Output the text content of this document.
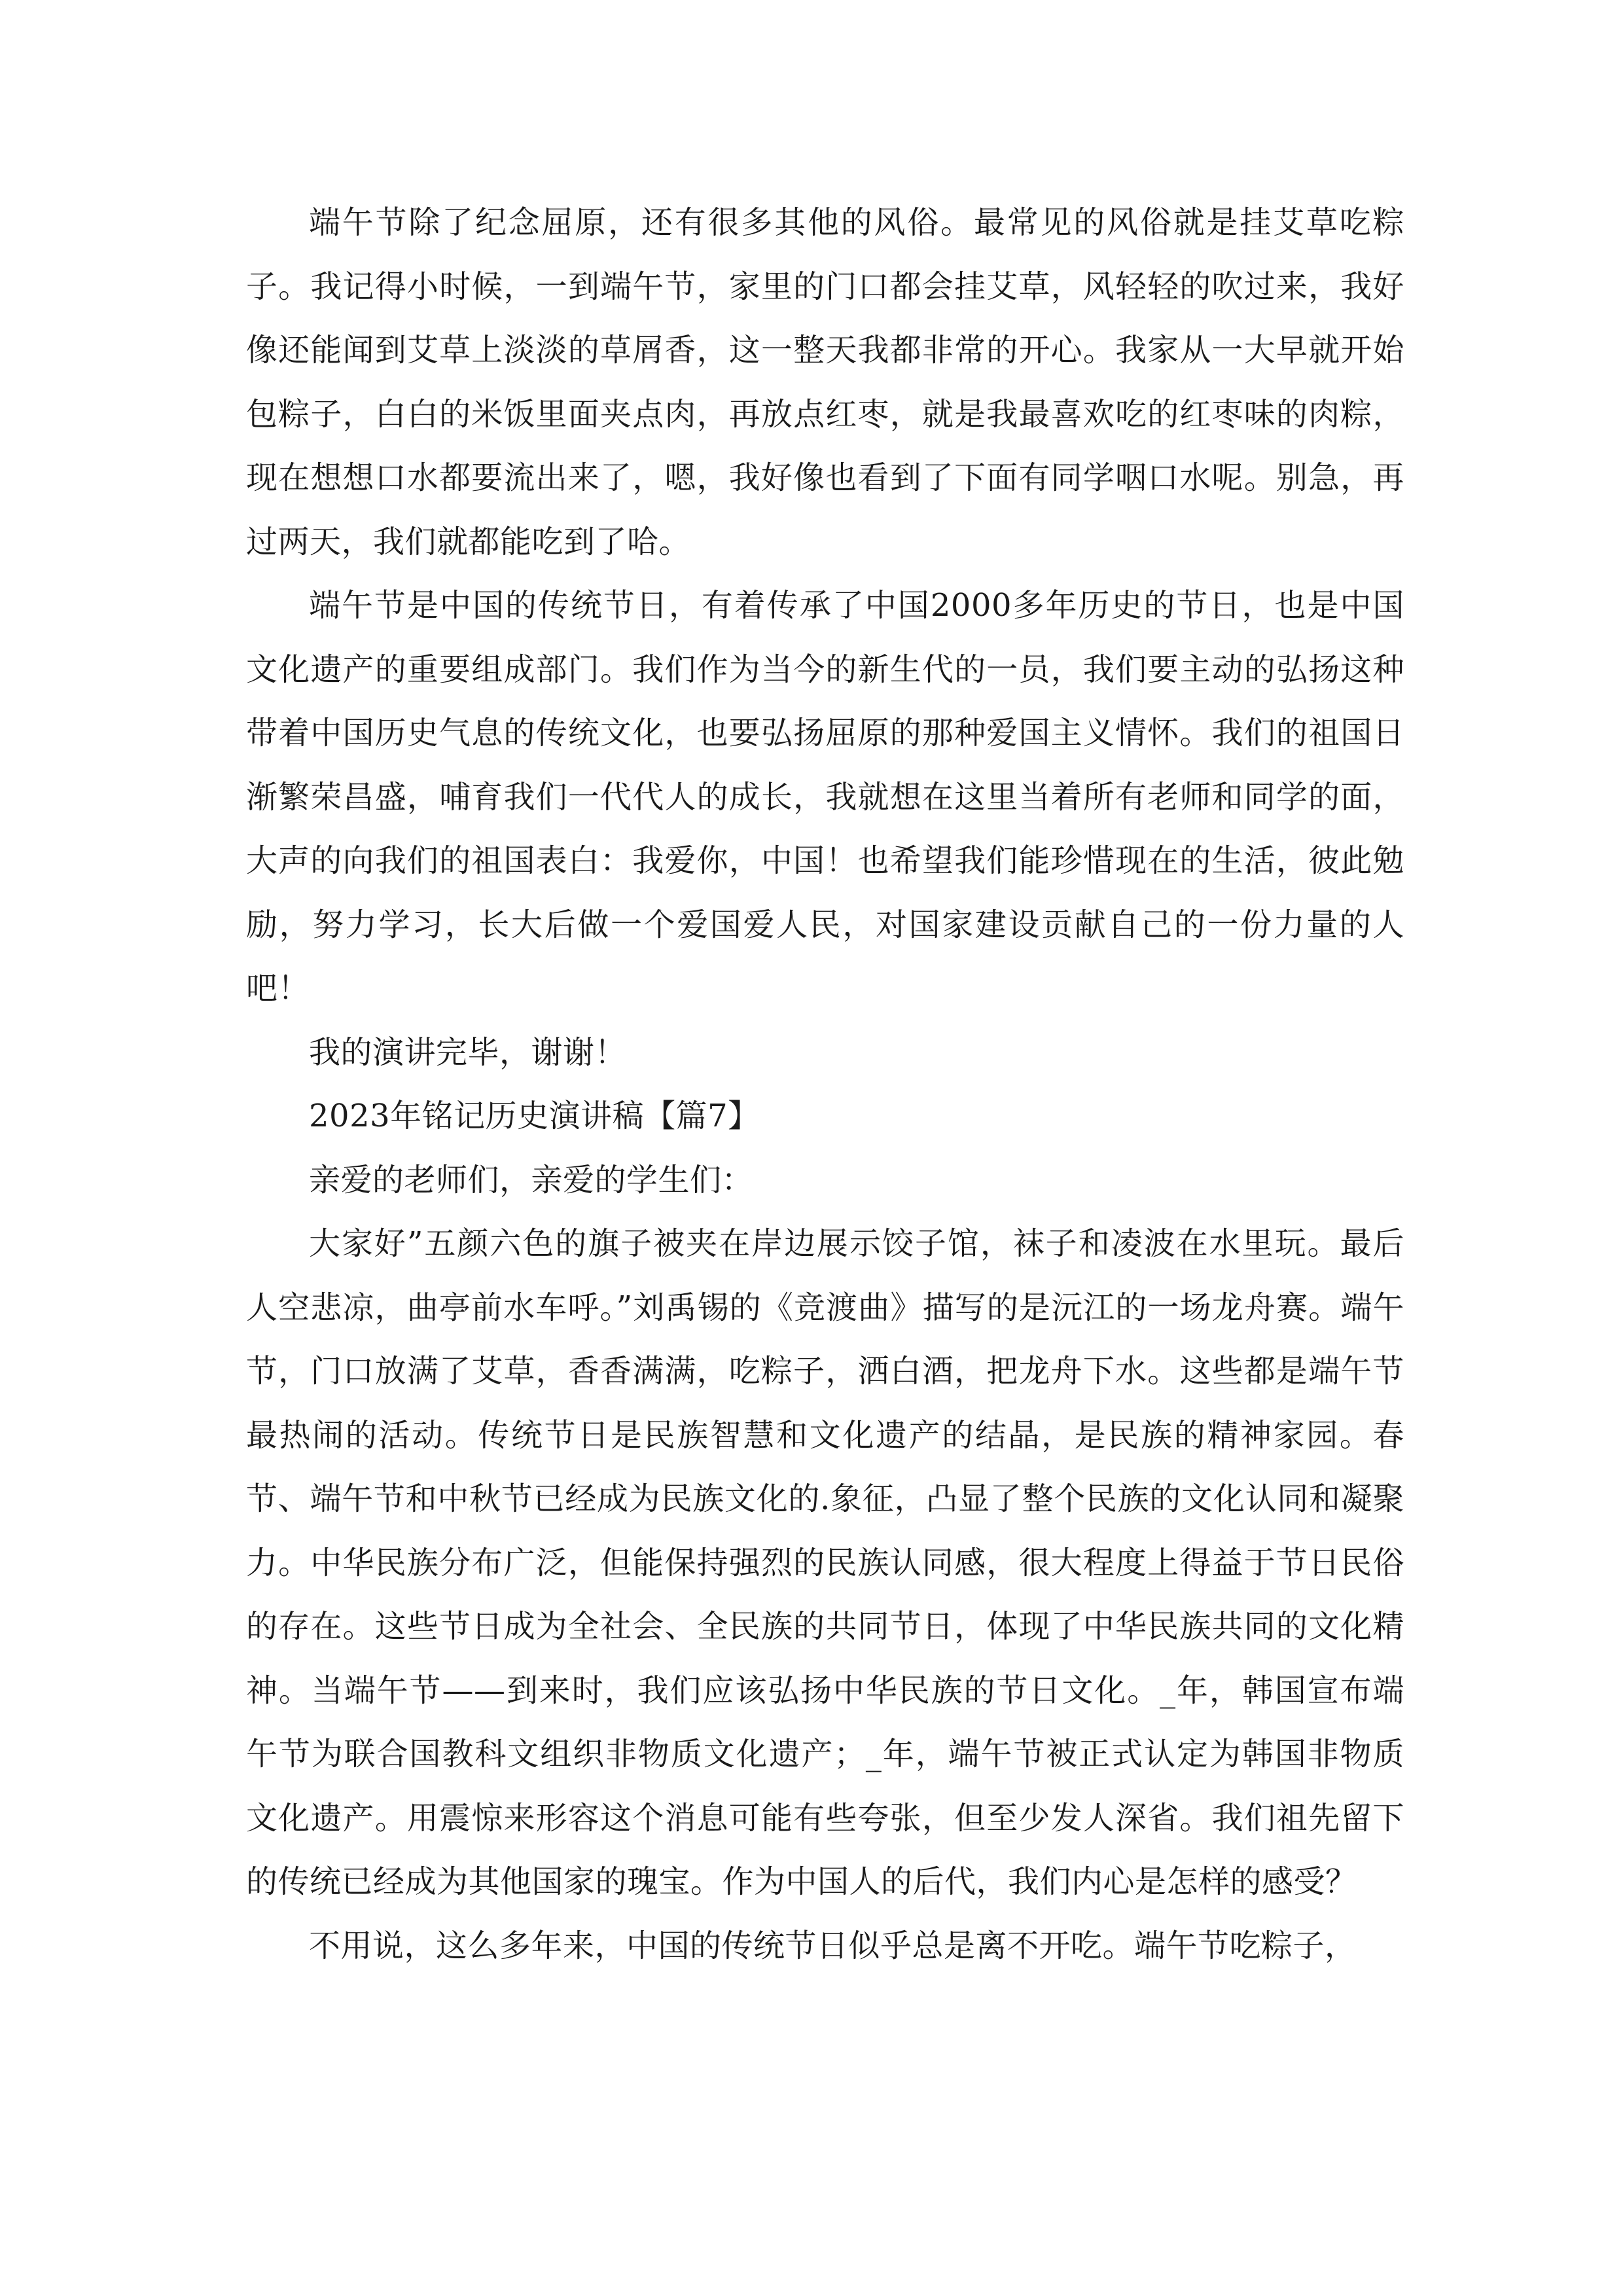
端午节除了纪念屈原，还有很多其他的风俗。最常见的风俗就是挂艾草吃粽子。我记得小时候，一到端午节，家里的门口都会挂艾草，风轻轻的吹过来，我好像还能闻到艾草上淡淡的草屑香，这一整天我都非常的开心。我家从一大早就开始包粽子，白白的米饭里面夹点肉，再放点红枣，就是我最喜欢吃的红枣味的肉粽，现在想想口水都要流出来了，嗯，我好像也看到了下面有同学咽口水呢。别急，再过两天，我们就都能吃到了哈。

端午节是中国的传统节日，有着传承了中国2000多年历史的节日，也是中国文化遗产的重要组成部门。我们作为当今的新生代的一员，我们要主动的弘扬这种带着中国历史气息的传统文化，也要弘扬屈原的那种爱国主义情怀。我们的祖国日渐繁荣昌盛，哺育我们一代代人的成长，我就想在这里当着所有老师和同学的面，大声的向我们的祖国表白：我爱你，中国！也希望我们能珍惜现在的生活，彼此勉励，努力学习，长大后做一个爱国爱人民，对国家建设贡献自己的一份力量的人吧！

我的演讲完毕，谢谢！

2023年铭记历史演讲稿【篇7】

亲爱的老师们，亲爱的学生们：

大家好”五颜六色的旗子被夹在岸边展示饺子馆，袜子和凌波在水里玩。最后人空悲凉，曲亭前水车呼。”刘禹锡的《竞渡曲》描写的是沅江的一场龙舟赛。端午节，门口放满了艾草，香香满满，吃粽子，洒白酒，把龙舟下水。这些都是端午节最热闹的活动。传统节日是民族智慧和文化遗产的结晶，是民族的精神家园。春节、端午节和中秋节已经成为民族文化的.象征，凸显了整个民族的文化认同和凝聚力。中华民族分布广泛，但能保持强烈的民族认同感，很大程度上得益于节日民俗的存在。这些节日成为全社会、全民族的共同节日，体现了中华民族共同的文化精神。当端午节——到来时，我们应该弘扬中华民族的节日文化。_年，韩国宣布端午节为联合国教科文组织非物质文化遗产；_年，端午节被正式认定为韩国非物质文化遗产。用震惊来形容这个消息可能有些夸张，但至少发人深省。我们祖先留下的传统已经成为其他国家的瑰宝。作为中国人的后代，我们内心是怎样的感受？

不用说，这么多年来，中国的传统节日似乎总是离不开吃。端午节吃粽子，
